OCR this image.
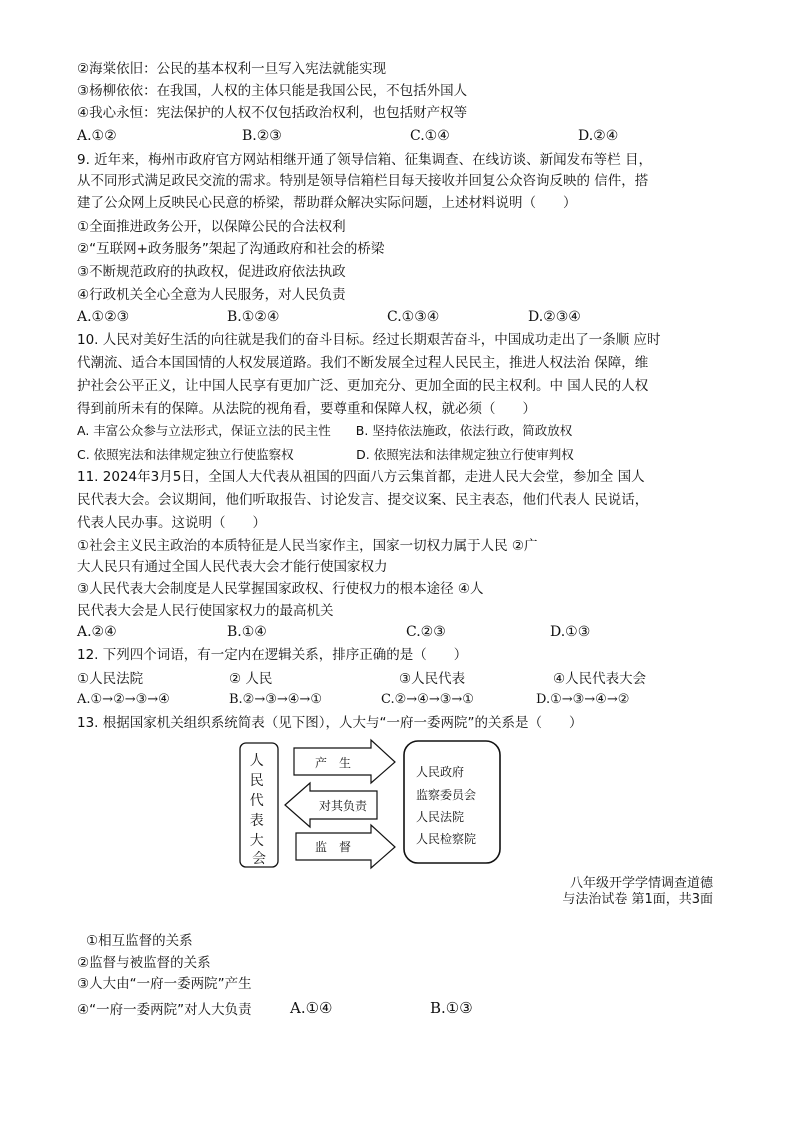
②海棠依旧：公民的基本权利一旦写入宪法就能实现
③杨柳依依：在我国，人权的主体只能是我国公民，不包括外国人
④我心永恒：宪法保护的人权不仅包括政治权利，也包括财产权等
A.①②	B.②③	C.①④	D.②④
9. 近年来，梅州市政府官方网站相继开通了领导信箱、征集调查、在线访谈、新闻发布等栏 目，
从不同形式满足政民交流的需求。特别是领导信箱栏目每天接收并回复公众咨询反映的 信件，搭
建了公众网上反映民心民意的桥梁，帮助群众解决实际问题，上述材料说明（　　）
①全面推进政务公开，以保障公民的合法权利
②“互联网+政务服务”架起了沟通政府和社会的桥梁
③不断规范政府的执政权，促进政府依法执政
④行政机关全心全意为人民服务，对人民负责
A.①②③	B.①②④	C.①③④	D.②③④
10. 人民对美好生活的向往就是我们的奋斗目标。经过长期艰苦奋斗，中国成功走出了一条顺 应时
代潮流、适合本国国情的人权发展道路。我们不断发展全过程人民民主，推进人权法治 保障，维
护社会公平正义，让中国人民享有更加广泛、更加充分、更加全面的民主权利。中 国人民的人权
得到前所未有的保障。从法院的视角看，要尊重和保障人权，就必须（　　）
A. 丰富公众参与立法形式，保证立法的民主性　　B. 坚持依法施政，依法行政，简政放权
C. 依照宪法和法律规定独立行使监察权　　　　　D. 依照宪法和法律规定独立行使审判权
11. 2024年3月5日，全国人大代表从祖国的四面八方云集首都，走进人民大会堂，参加全 国人
民代表大会。会议期间，他们听取报告、讨论发言、提交议案、民主表态，他们代表人 民说话，
代表人民办事。这说明（　　）
①社会主义民主政治的本质特征是人民当家作主，国家一切权力属于人民 ②广
大人民只有通过全国人民代表大会才能行使国家权力
③人民代表大会制度是人民掌握国家政权、行使权力的根本途径 ④人
民代表大会是人民行使国家权力的最高机关
A.②④	B.①④	C.②③	D.①③
12. 下列四个词语，有一定内在逻辑关系，排序正确的是（　　）
①人民法院	② 人民	③人民代表	④人民代表大会
A.①→②→③→④	B.②→③→④→①	C.②→④→③→①	D.①→③→④→②
13. 根据国家机关组织系统简表（见下图），人大与“一府一委两院”的关系是（　　）
人 民 代 表 大 会
产　生
对其负责
监　督
人民政府
监察委员会
人民法院
人民检察院
八年级开学学情调查道德
与法治试卷 第1面，共3面
①相互监督的关系
②监督与被监督的关系
③人大由“一府一委两院”产生
④“一府一委两院”对人大负责	A.①④	B.①③
